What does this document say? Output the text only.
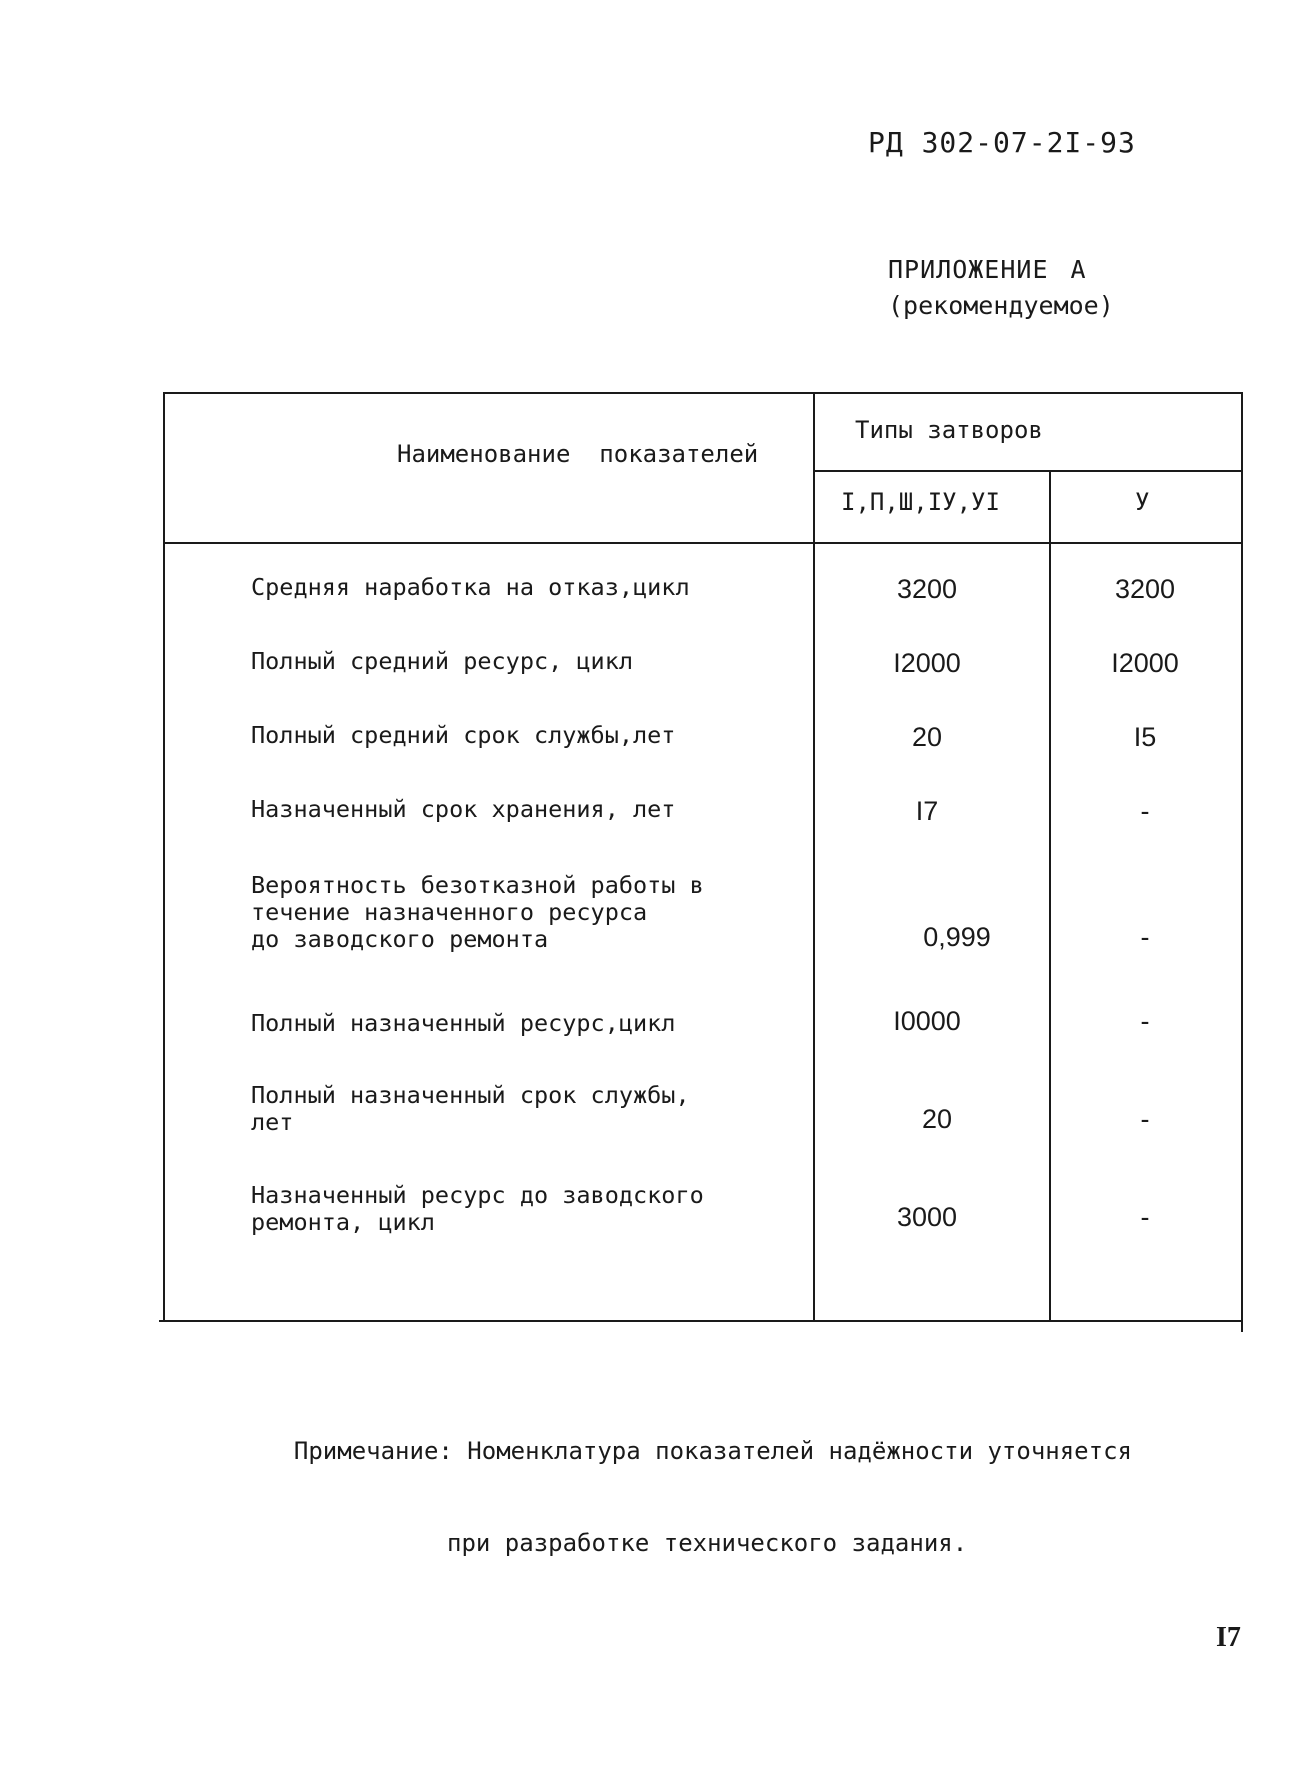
РД 302-07-2I-93
ПРИЛОЖЕНИЕ А
(рекомендуемое)
Наименование  показателей
Типы затворов
I,П,Ш,IУ,УI	У
Средняя наработка на отказ,цикл	3200	3200
Полный средний ресурс, цикл	I2000	I2000
Полный средний срок службы,лет	20	I5
Назначенный срок хранения, лет	I7	-
Вероятность безотказной работы в
течение назначенного ресурса
до заводского ремонта	0,999	-
Полный назначенный ресурс,цикл	I0000	-
Полный назначенный срок службы,
лет	20	-
Назначенный ресурс до заводского
ремонта, цикл	3000	-

Примечание: Номенклатура показателей надёжности уточняется

при разработке технического задания.

I7
